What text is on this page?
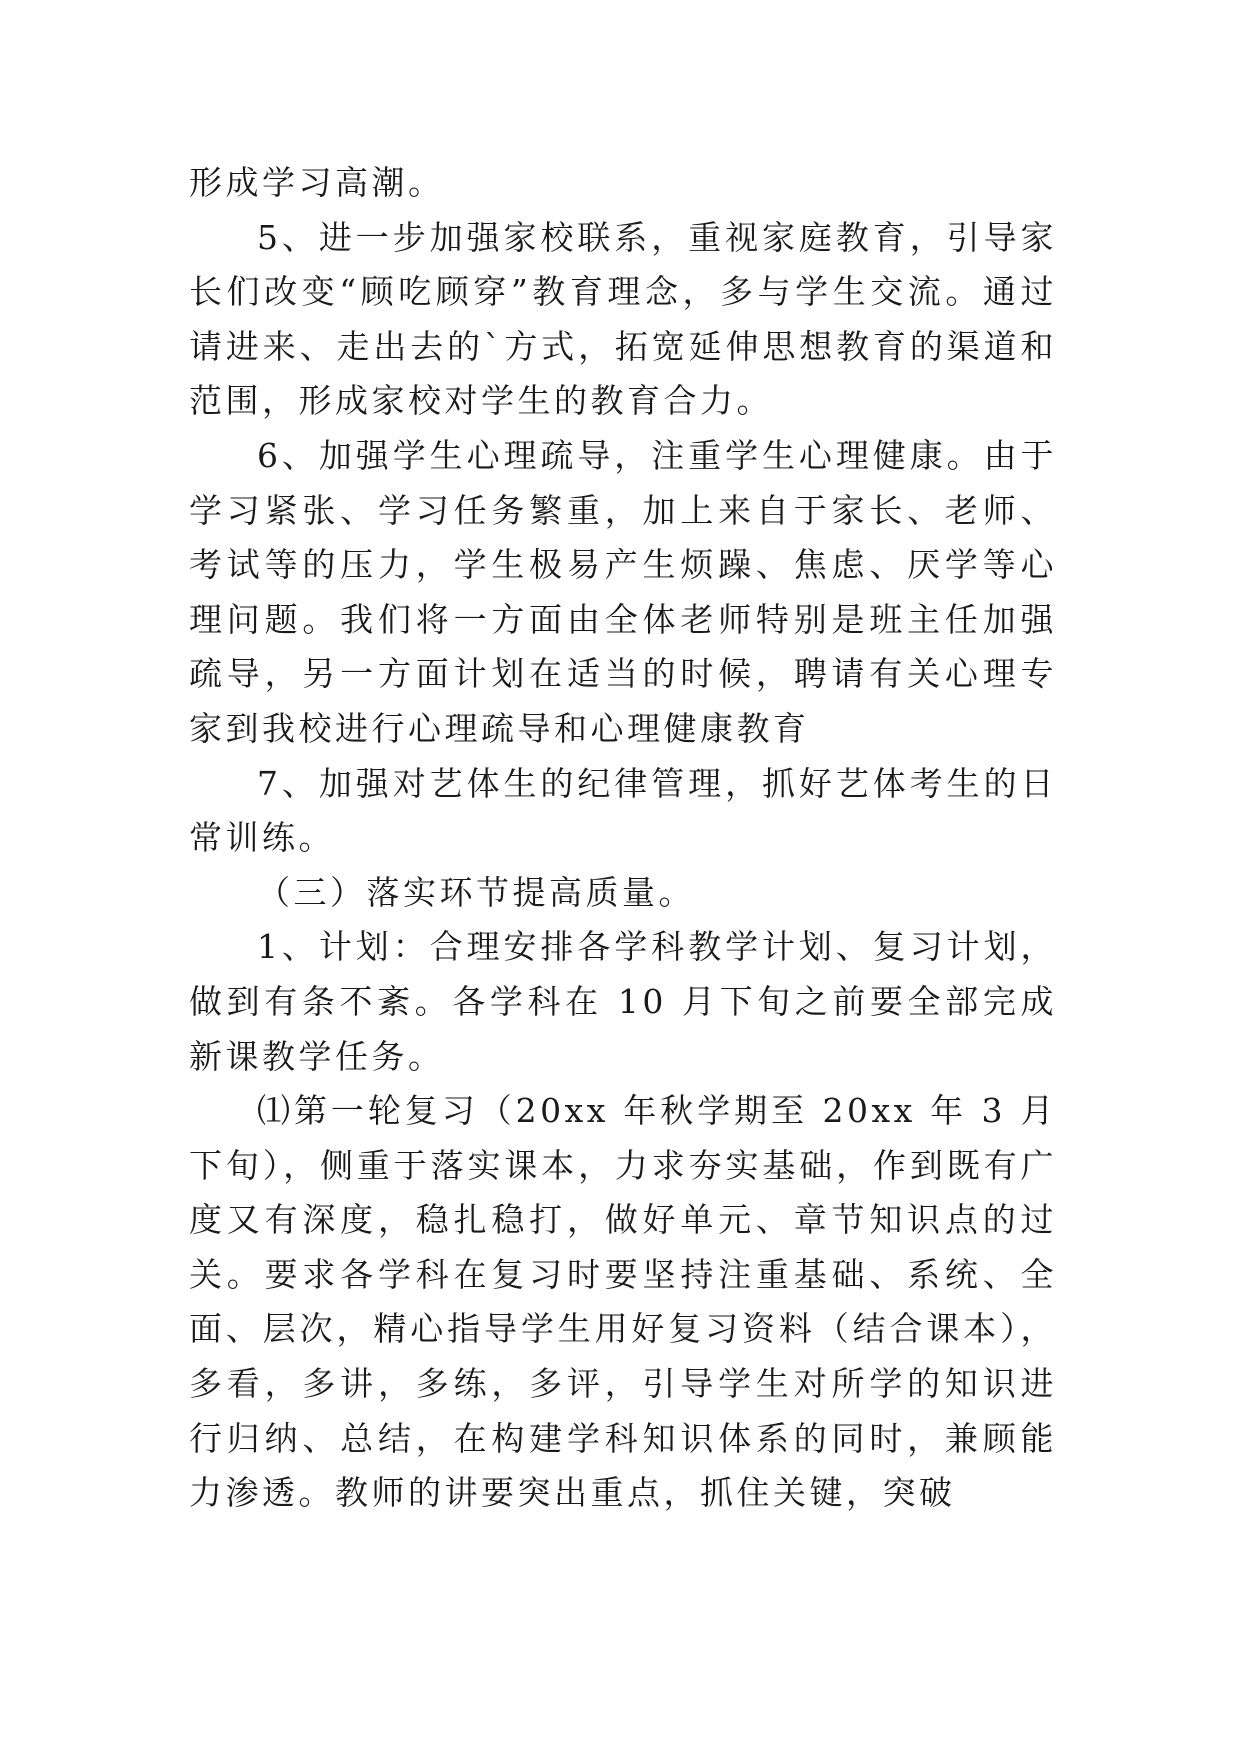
形成学习高潮。

5、进一步加强家校联系，重视家庭教育，引导家长们改变“顾吃顾穿”教育理念，多与学生交流。通过请进来、走出去的`方式，拓宽延伸思想教育的渠道和范围，形成家校对学生的教育合力。

6、加强学生心理疏导，注重学生心理健康。由于学习紧张、学习任务繁重，加上来自于家长、老师、考试等的压力，学生极易产生烦躁、焦虑、厌学等心理问题。我们将一方面由全体老师特别是班主任加强疏导，另一方面计划在适当的时候，聘请有关心理专家到我校进行心理疏导和心理健康教育

7、加强对艺体生的纪律管理，抓好艺体考生的日常训练。

（三）落实环节提高质量。

1、计划：合理安排各学科教学计划、复习计划，做到有条不紊。各学科在 10 月下旬之前要全部完成新课教学任务。

⑴第一轮复习（20xx 年秋学期至 20xx 年 3 月下旬），侧重于落实课本，力求夯实基础，作到既有广度又有深度，稳扎稳打，做好单元、章节知识点的过关。要求各学科在复习时要坚持注重基础、系统、全面、层次，精心指导学生用好复习资料（结合课本），多看，多讲，多练，多评，引导学生对所学的知识进行归纳、总结，在构建学科知识体系的同时，兼顾能力渗透。教师的讲要突出重点，抓住关键，突破
